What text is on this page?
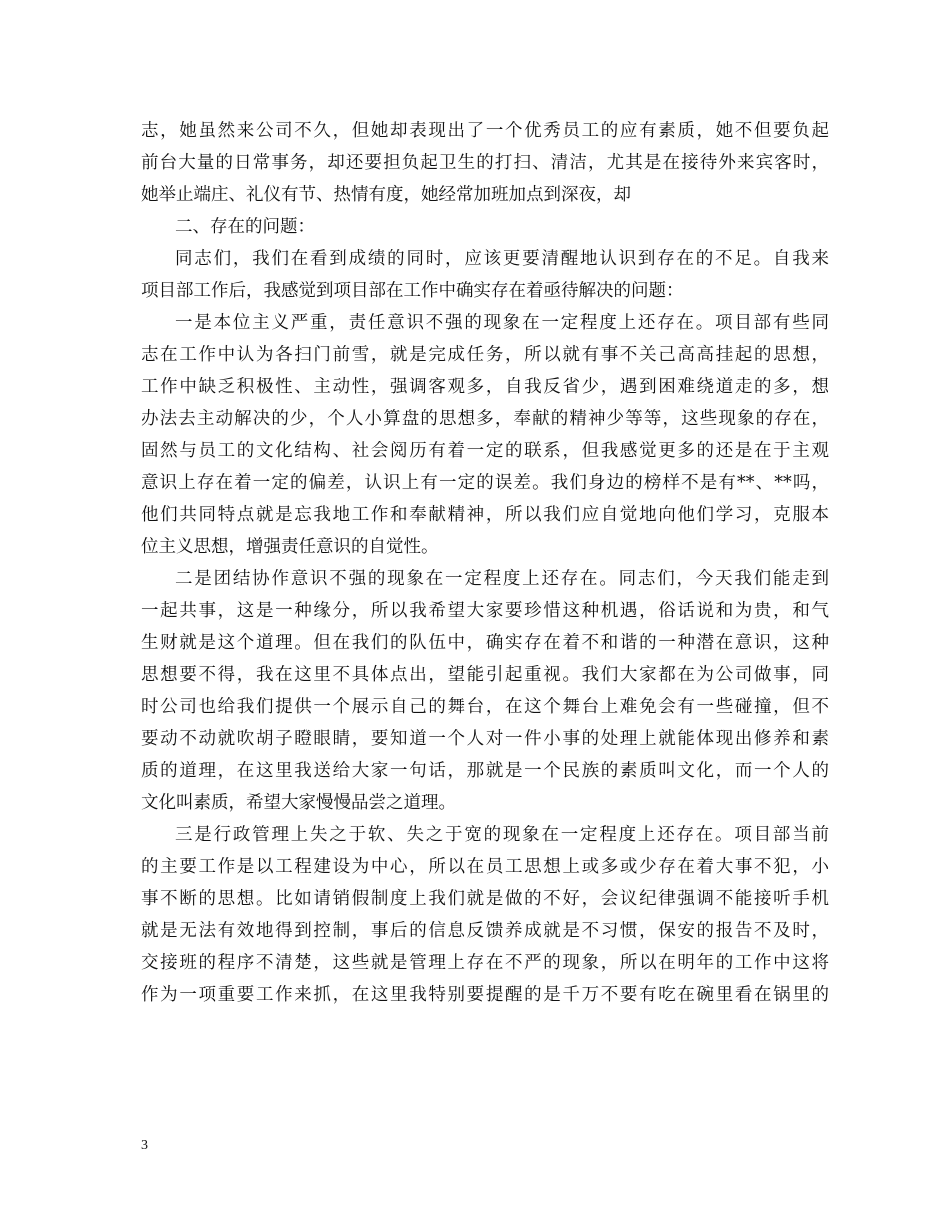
志，她虽然来公司不久，但她却表现出了一个优秀员工的应有素质，她不但要负起
前台大量的日常事务，却还要担负起卫生的打扫、清洁，尤其是在接待外来宾客时，
她举止端庄、礼仪有节、热情有度，她经常加班加点到深夜，却
二、存在的问题：
同志们，我们在看到成绩的同时，应该更要清醒地认识到存在的不足。自我来
项目部工作后，我感觉到项目部在工作中确实存在着亟待解决的问题：
一是本位主义严重，责任意识不强的现象在一定程度上还存在。项目部有些同
志在工作中认为各扫门前雪，就是完成任务，所以就有事不关己高高挂起的思想，
工作中缺乏积极性、主动性，强调客观多，自我反省少，遇到困难绕道走的多，想
办法去主动解决的少，个人小算盘的思想多，奉献的精神少等等，这些现象的存在，
固然与员工的文化结构、社会阅历有着一定的联系，但我感觉更多的还是在于主观
意识上存在着一定的偏差，认识上有一定的误差。我们身边的榜样不是有**、**吗，
他们共同特点就是忘我地工作和奉献精神，所以我们应自觉地向他们学习，克服本
位主义思想，增强责任意识的自觉性。
二是团结协作意识不强的现象在一定程度上还存在。同志们，今天我们能走到
一起共事，这是一种缘分，所以我希望大家要珍惜这种机遇，俗话说和为贵，和气
生财就是这个道理。但在我们的队伍中，确实存在着不和谐的一种潜在意识，这种
思想要不得，我在这里不具体点出，望能引起重视。我们大家都在为公司做事，同
时公司也给我们提供一个展示自己的舞台，在这个舞台上难免会有一些碰撞，但不
要动不动就吹胡子瞪眼睛，要知道一个人对一件小事的处理上就能体现出修养和素
质的道理，在这里我送给大家一句话，那就是一个民族的素质叫文化，而一个人的
文化叫素质，希望大家慢慢品尝之道理。
三是行政管理上失之于软、失之于宽的现象在一定程度上还存在。项目部当前
的主要工作是以工程建设为中心，所以在员工思想上或多或少存在着大事不犯，小
事不断的思想。比如请销假制度上我们就是做的不好，会议纪律强调不能接听手机
就是无法有效地得到控制，事后的信息反馈养成就是不习惯，保安的报告不及时，
交接班的程序不清楚，这些就是管理上存在不严的现象，所以在明年的工作中这将
作为一项重要工作来抓，在这里我特别要提醒的是千万不要有吃在碗里看在锅里的
3
